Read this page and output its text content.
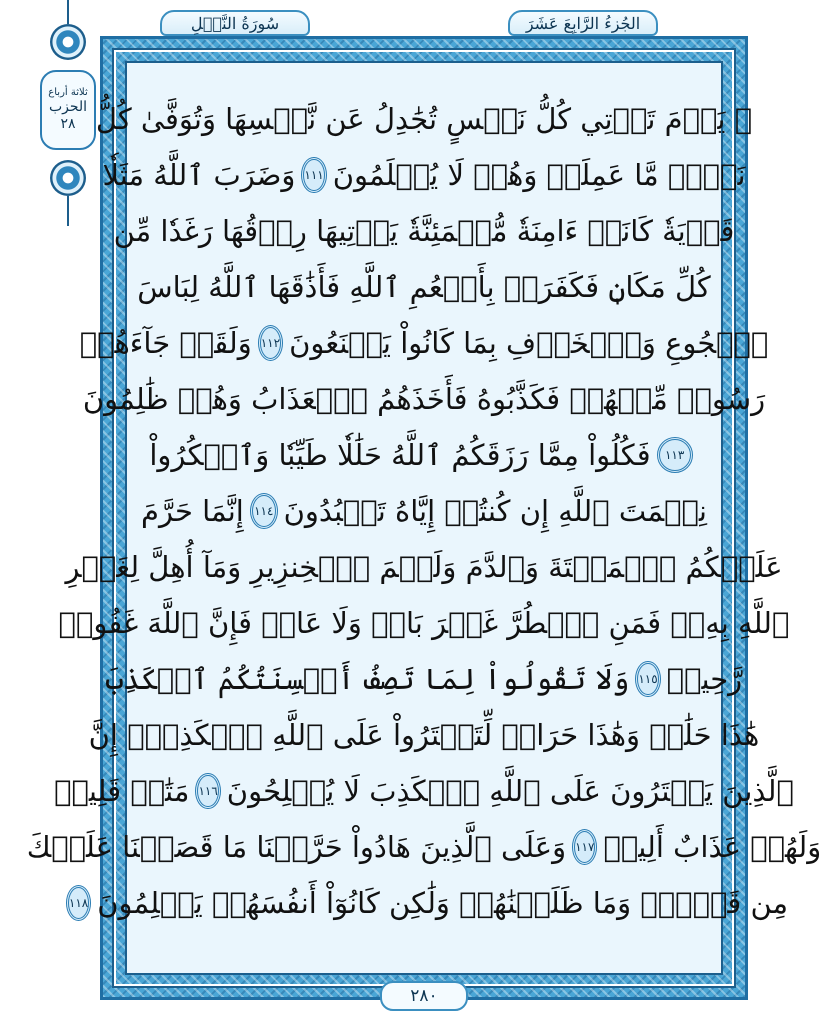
ثلاثة أرباع
الحزب
٢٨
سُورَةُ النَّحۡلِ	الجُزءُ الرَّابِعَ عَشَرَ
۞ يَوۡمَ تَأۡتِي كُلُّ نَفۡسٍ تُجَٰدِلُ عَن نَّفۡسِهَا وَتُوَفَّىٰ كُلُّ
نَفۡسٖ مَّا عَمِلَتۡ وَهُمۡ لَا يُظۡلَمُونَ
١١١
وَضَرَبَ ٱللَّهُ مَثَلٗا
قَرۡيَةٗ كَانَتۡ ءَامِنَةٗ مُّطۡمَئِنَّةٗ يَأۡتِيهَا رِزۡقُهَا رَغَدٗا مِّن
كُلِّ مَكَانٖ فَكَفَرَتۡ بِأَنۡعُمِ ٱللَّهِ فَأَذَٰقَهَا ٱللَّهُ لِبَاسَ
ٱلۡجُوعِ وَٱلۡخَوۡفِ بِمَا كَانُواْ يَصۡنَعُونَ
١١٢
وَلَقَدۡ جَآءَهُمۡ
رَسُولٞ مِّنۡهُمۡ فَكَذَّبُوهُ فَأَخَذَهُمُ ٱلۡعَذَابُ وَهُمۡ ظَٰلِمُونَ
١١٣
فَكُلُواْ مِمَّا رَزَقَكُمُ ٱللَّهُ حَلَٰلٗا طَيِّبٗا وَٱشۡكُرُواْ
نِعۡمَتَ ٱللَّهِ إِن كُنتُمۡ إِيَّاهُ تَعۡبُدُونَ
١١٤
إِنَّمَا حَرَّمَ
عَلَيۡكُمُ ٱلۡمَيۡتَةَ وَٱلدَّمَ وَلَحۡمَ ٱلۡخِنزِيرِ وَمَآ أُهِلَّ لِغَيۡرِ
ٱللَّهِ بِهِۦۖ فَمَنِ ٱضۡطُرَّ غَيۡرَ بَاغٖ وَلَا عَادٖ فَإِنَّ ٱللَّهَ غَفُورٞ
رَّحِيمٞ
١١٥
وَلَا تَقُولُواْ لِمَا تَصِفُ أَلۡسِنَتُكُمُ ٱلۡكَذِبَ
هَٰذَا حَلَٰلٞ وَهَٰذَا حَرَامٞ لِّتَفۡتَرُواْ عَلَى ٱللَّهِ ٱلۡكَذِبَۚ إِنَّ
ٱلَّذِينَ يَفۡتَرُونَ عَلَى ٱللَّهِ ٱلۡكَذِبَ لَا يُفۡلِحُونَ
١١٦
مَتَٰعٞ قَلِيلٞ
وَلَهُمۡ عَذَابٌ أَلِيمٞ
١١٧
وَعَلَى ٱلَّذِينَ هَادُواْ حَرَّمۡنَا مَا قَصَصۡنَا عَلَيۡكَ
مِن قَبۡلُۖ وَمَا ظَلَمۡنَٰهُمۡ وَلَٰكِن كَانُوٓاْ أَنفُسَهُمۡ يَظۡلِمُونَ
١١٨
٢٨٠
